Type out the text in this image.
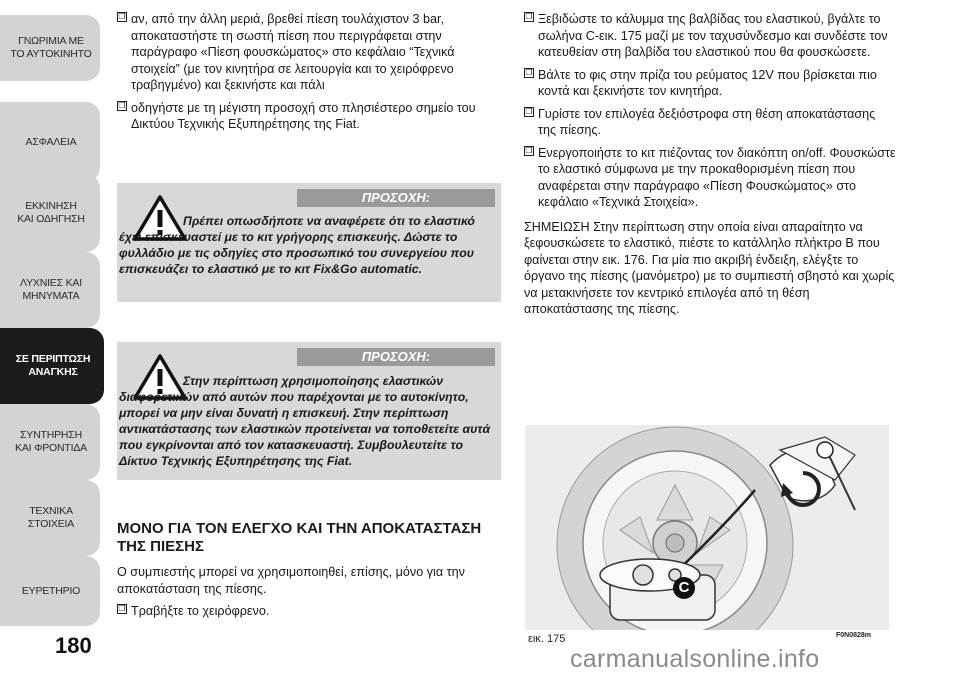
ΓΝΩΡΙΜΙΑ ΜΕ
ΤΟ ΑΥΤΟΚΙΝΗΤΟ
ΑΣΦΑΛΕΙΑ
ΕΚΚΙΝΗΣΗ
ΚΑΙ ΟΔΗΓΗΣΗ
ΛΥΧΝΙΕΣ ΚΑΙ
ΜΗΝΥΜΑΤΑ
ΣΕ ΠΕΡΙΠΤΩΣΗ
ΑΝΑΓΚΗΣ
ΣΥΝΤΗΡΗΣΗ
ΚΑΙ ΦΡΟΝΤΙΔΑ
ΤΕΧΝΙΚΑ
ΣΤΟΙΧΕΙΑ
ΕΥΡΕΤΗΡΙΟ
180
❐ αν, από την άλλη μεριά, βρεθεί πίεση τουλάχιστον 3 bar, αποκαταστήστε τη σωστή πίεση που περιγράφεται στην παράγραφο «Πίεση φουσκώματος» στο κεφάλαιο “Τεχνικά στοιχεία” (με τον κινητήρα σε λειτουργία και το χειρόφρενο τραβηγμένο) και ξεκινήστε και πάλι
❐ οδηγήστε με τη μέγιστη προσοχή στο πλησιέστερο σημείο του Δικτύου Τεχνικής Εξυπηρέτησης της Fiat.
ΠΡΟΣΟΧΗ:
Πρέπει οπωσδήποτε να αναφέρετε ότι το ελαστικό έχει επισκευαστεί με το κιτ γρήγορης επισκευής. Δώστε το φυλλάδιο με τις οδηγίες στο προσωπικό του συνεργείου που επισκευάζει το ελαστικό με το κιτ Fix&Go automatic.
ΠΡΟΣΟΧΗ:
Στην περίπτωση χρησιμοποίησης ελαστικών διαφορετικών από αυτών που παρέχονται με το αυτοκίνητο, μπορεί να μην είναι δυνατή η επισκευή. Στην περίπτωση αντικατάστασης των ελαστικών προτείνεται να τοποθετείτε αυτά που εγκρίνονται από τον κατασκευαστή. Συμβουλευτείτε το Δίκτυο Τεχνικής Εξυπηρέτησης της Fiat.
ΜΟΝΟ ΓΙΑ ΤΟΝ ΕΛΕΓΧΟ ΚΑΙ ΤΗΝ ΑΠΟΚΑΤΑΣΤΑΣΗ ΤΗΣ ΠΙΕΣΗΣ
Ο συμπιεστής μπορεί να χρησιμοποιηθεί, επίσης, μόνο για την αποκατάσταση της πίεσης.
❐ Τραβήξτε το χειρόφρενο.
❐ Ξεβιδώστε το κάλυμμα της βαλβίδας του ελαστικού, βγάλτε το σωλήνα C-εικ. 175 μαζί με τον ταχυσύνδεσμο και συνδέστε τον κατευθείαν στη βαλβίδα του ελαστικού που θα φουσκώσετε.
❐ Βάλτε το φις στην πρίζα του ρεύματος 12V που βρίσκεται πιο κοντά και ξεκινήστε τον κινητήρα.
❐ Γυρίστε τον επιλογέα δεξιόστροφα στη θέση αποκατάστασης της πίεσης.
❐ Ενεργοποιήστε το κιτ πιέζοντας τον διακόπτη on/off. Φουσκώστε το ελαστικό σύμφωνα με την προκαθορισμένη πίεση που αναφέρεται στην παράγραφο «Πίεση Φουσκώματος» στο κεφάλαιο «Τεχνικά Στοιχεία».
ΣΗΜΕΙΩΣΗ Στην περίπτωση στην οποία είναι απαραίτητο να ξεφουσκώσετε το ελαστικό, πιέστε το κατάλληλο πλήκτρο B που φαίνεται στην εικ. 176. Για μία πιο ακριβή ένδειξη, ελέγξτε το όργανο της πίεσης (μανόμετρο) με το συμπιεστή σβηστό και χωρίς να μετακινήσετε τον κεντρικό επιλογέα από τη θέση αποκατάστασης της πίεσης.
C
εικ. 175	F0N0828m
carmanualsonline.info
